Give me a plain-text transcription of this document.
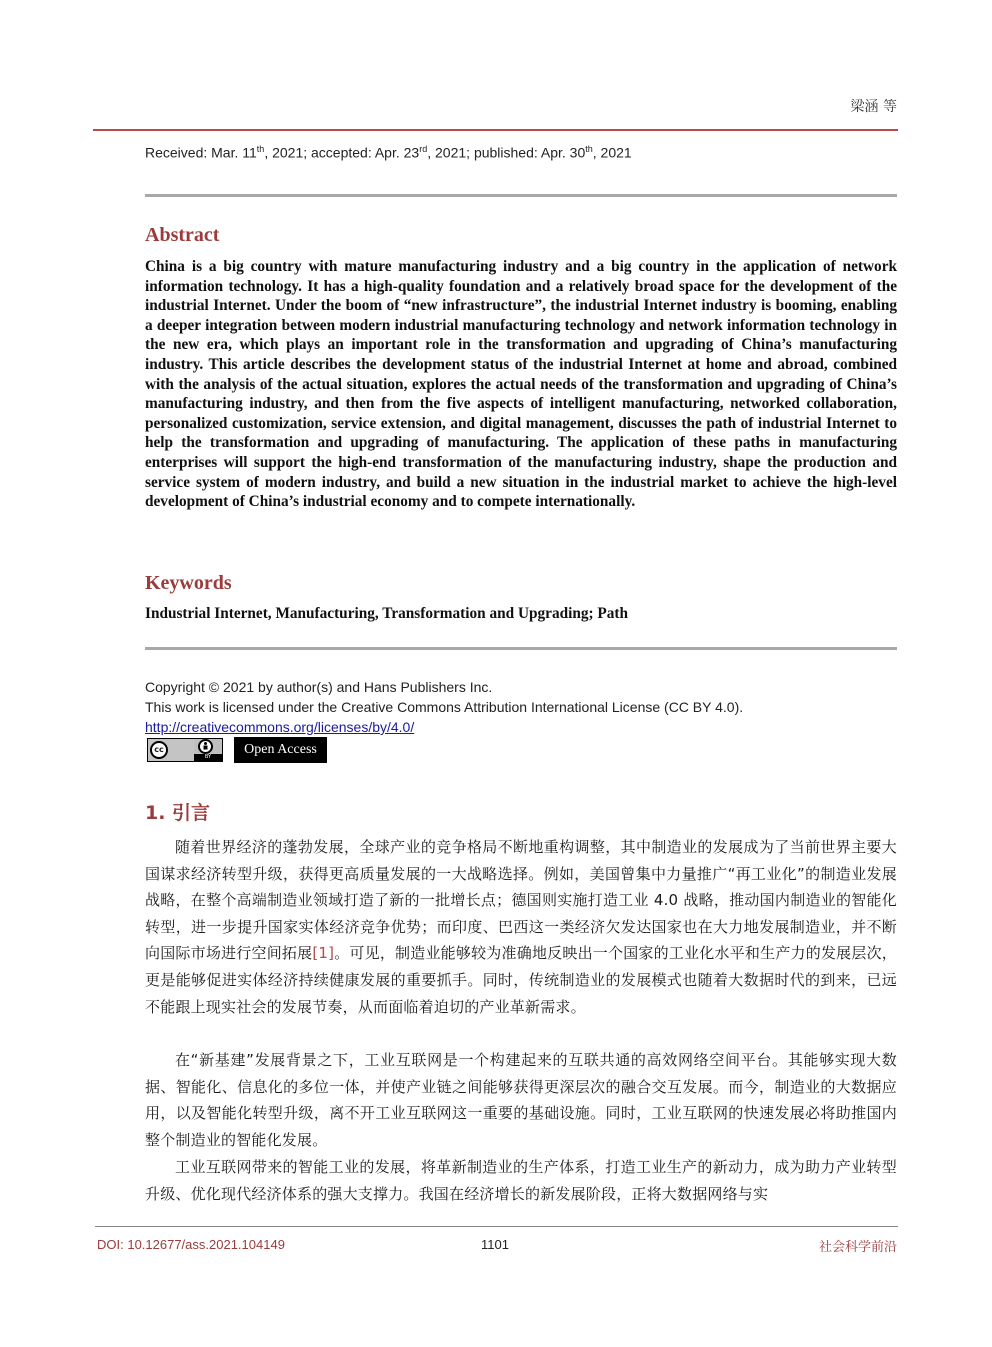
梁涵 等
Received: Mar. 11th, 2021; accepted: Apr. 23rd, 2021; published: Apr. 30th, 2021
Abstract
China is a big country with mature manufacturing industry and a big country in the application of network information technology. It has a high-quality foundation and a relatively broad space for the development of the industrial Internet. Under the boom of “new infrastructure”, the industrial Internet industry is booming, enabling a deeper integration between modern industrial manufacturing technology and network information technology in the new era, which plays an important role in the transformation and upgrading of China’s manufacturing industry. This article describes the development status of the industrial Internet at home and abroad, combined with the analysis of the actual situation, explores the actual needs of the transformation and upgrading of China’s manufacturing industry, and then from the five aspects of intelligent manufacturing, networked collaboration, personalized customization, service extension, and digital management, discusses the path of industrial Internet to help the transformation and upgrading of manufacturing. The application of these paths in manufacturing enterprises will support the high-end transformation of the manufacturing industry, shape the production and service system of modern industry, and build a new situation in the industrial market to achieve the high-level development of China’s industrial economy and to compete internationally.
Keywords
Industrial Internet, Manufacturing, Transformation and Upgrading; Path
Copyright © 2021 by author(s) and Hans Publishers Inc.
This work is licensed under the Creative Commons Attribution International License (CC BY 4.0).
http://creativecommons.org/licenses/by/4.0/
cc
BY	Open Access
1. 引言
随着世界经济的蓬勃发展，全球产业的竞争格局不断地重构调整，其中制造业的发展成为了当前世界主要大国谋求经济转型升级，获得更高质量发展的一大战略选择。例如，美国曾集中力量推广“再工业化”的制造业发展战略，在整个高端制造业领域打造了新的一批增长点；德国则实施打造工业 4.0 战略，推动国内制造业的智能化转型，进一步提升国家实体经济竞争优势；而印度、巴西这一类经济欠发达国家也在大力地发展制造业，并不断向国际市场进行空间拓展[1]。可见，制造业能够较为准确地反映出一个国家的工业化水平和生产力的发展层次，更是能够促进实体经济持续健康发展的重要抓手。同时，传统制造业的发展模式也随着大数据时代的到来，已远不能跟上现实社会的发展节奏，从而面临着迫切的产业革新需求。
在“新基建”发展背景之下，工业互联网是一个构建起来的互联共通的高效网络空间平台。其能够实现大数据、智能化、信息化的多位一体，并使产业链之间能够获得更深层次的融合交互发展。而今，制造业的大数据应用，以及智能化转型升级，离不开工业互联网这一重要的基础设施。同时，工业互联网的快速发展必将助推国内整个制造业的智能化发展。
工业互联网带来的智能工业的发展，将革新制造业的生产体系，打造工业生产的新动力，成为助力产业转型升级、优化现代经济体系的强大支撑力。我国在经济增长的新发展阶段，正将大数据网络与实
DOI: 10.12677/ass.2021.104149	1101	社会科学前沿
